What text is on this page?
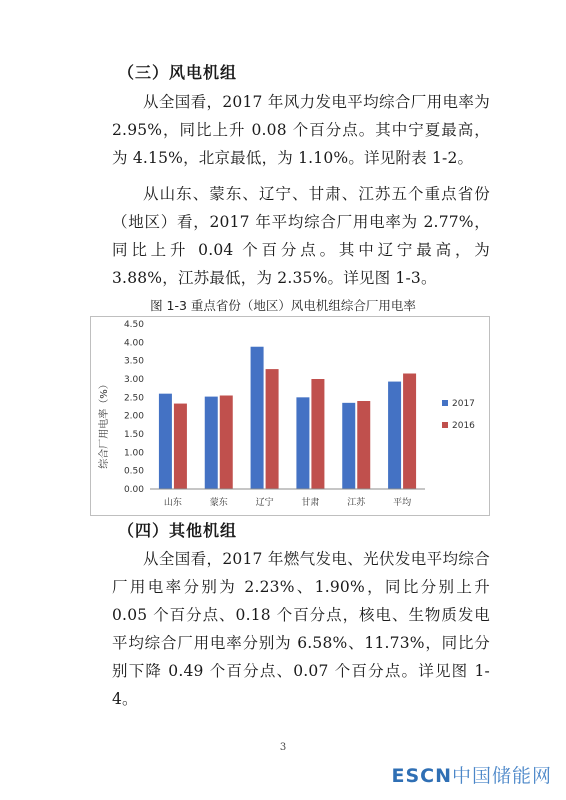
（三）风电机组

从全国看，2017 年风力发电平均综合厂用电率为 2.95%，同比上升 0.08 个百分点。其中宁夏最高，为 4.15%，北京最低，为 1.10%。详见附表 1-2。

从山东、蒙东、辽宁、甘肃、江苏五个重点省份（地区）看，2017 年平均综合厂用电率为 2.77%，同比上升 0.04 个百分点。其中辽宁最高，为 3.88%，江苏最低，为 2.35%。详见图 1-3。

图 1-3 重点省份（地区）风电机组综合厂用电率
综合厂用电率（%）
0.00
0.50
1.00
1.50
2.00
2.50
3.00
3.50
4.00
4.50
山东	蒙东	辽宁	甘肃	江苏	平均
2017
2016
（四）其他机组

从全国看，2017 年燃气发电、光伏发电平均综合厂用电率分别为 2.23%、1.90%，同比分别上升 0.05 个百分点、0.18 个百分点，核电、生物质发电平均综合厂用电率分别为 6.58%、11.73%，同比分别下降 0.49 个百分点、0.07 个百分点。详见图 1-4。

3
ESCN中国储能网
